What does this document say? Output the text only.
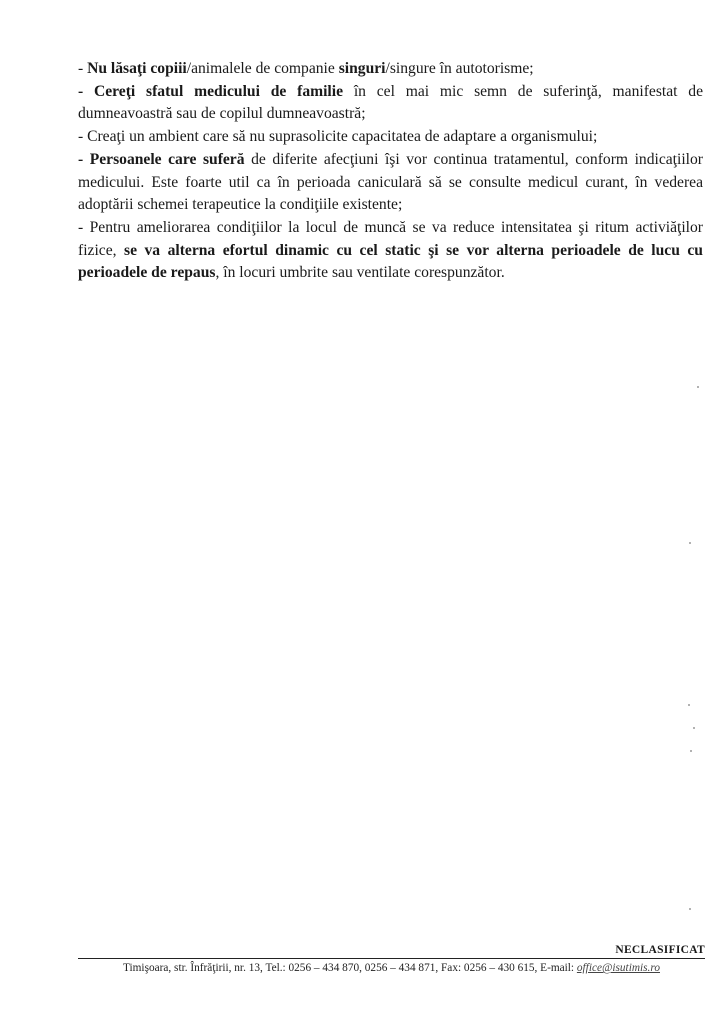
- Nu lăsaţi copiii/animalele de companie singuri/singure în autotorisme;

- Cereţi sfatul medicului de familie în cel mai mic semn de suferinţă, manifestat de dumneavoastră sau de copilul dumneavoastră;

- Creaţi un ambient care să nu suprasolicite capacitatea de adaptare a organismului;

- Persoanele care suferă de diferite afecţiuni îşi vor continua tratamentul, conform indicaţiilor medicului. Este foarte util ca în perioada caniculară să se consulte medicul curant, în vederea adoptării schemei terapeutice la condiţiile existente;

- Pentru ameliorarea condiţiilor la locul de muncă se va reduce intensitatea şi ritum activiăţilor fizice, se va alterna efortul dinamic cu cel static şi se vor alterna perioadele de lucu cu perioadele de repaus, în locuri umbrite sau ventilate corespunzător.

NECLASIFICAT
Timişoara, str. Înfrăţirii, nr. 13, Tel.: 0256 – 434 870, 0256 – 434 871, Fax: 0256 – 430 615, E-mail: office@isutimis.ro
